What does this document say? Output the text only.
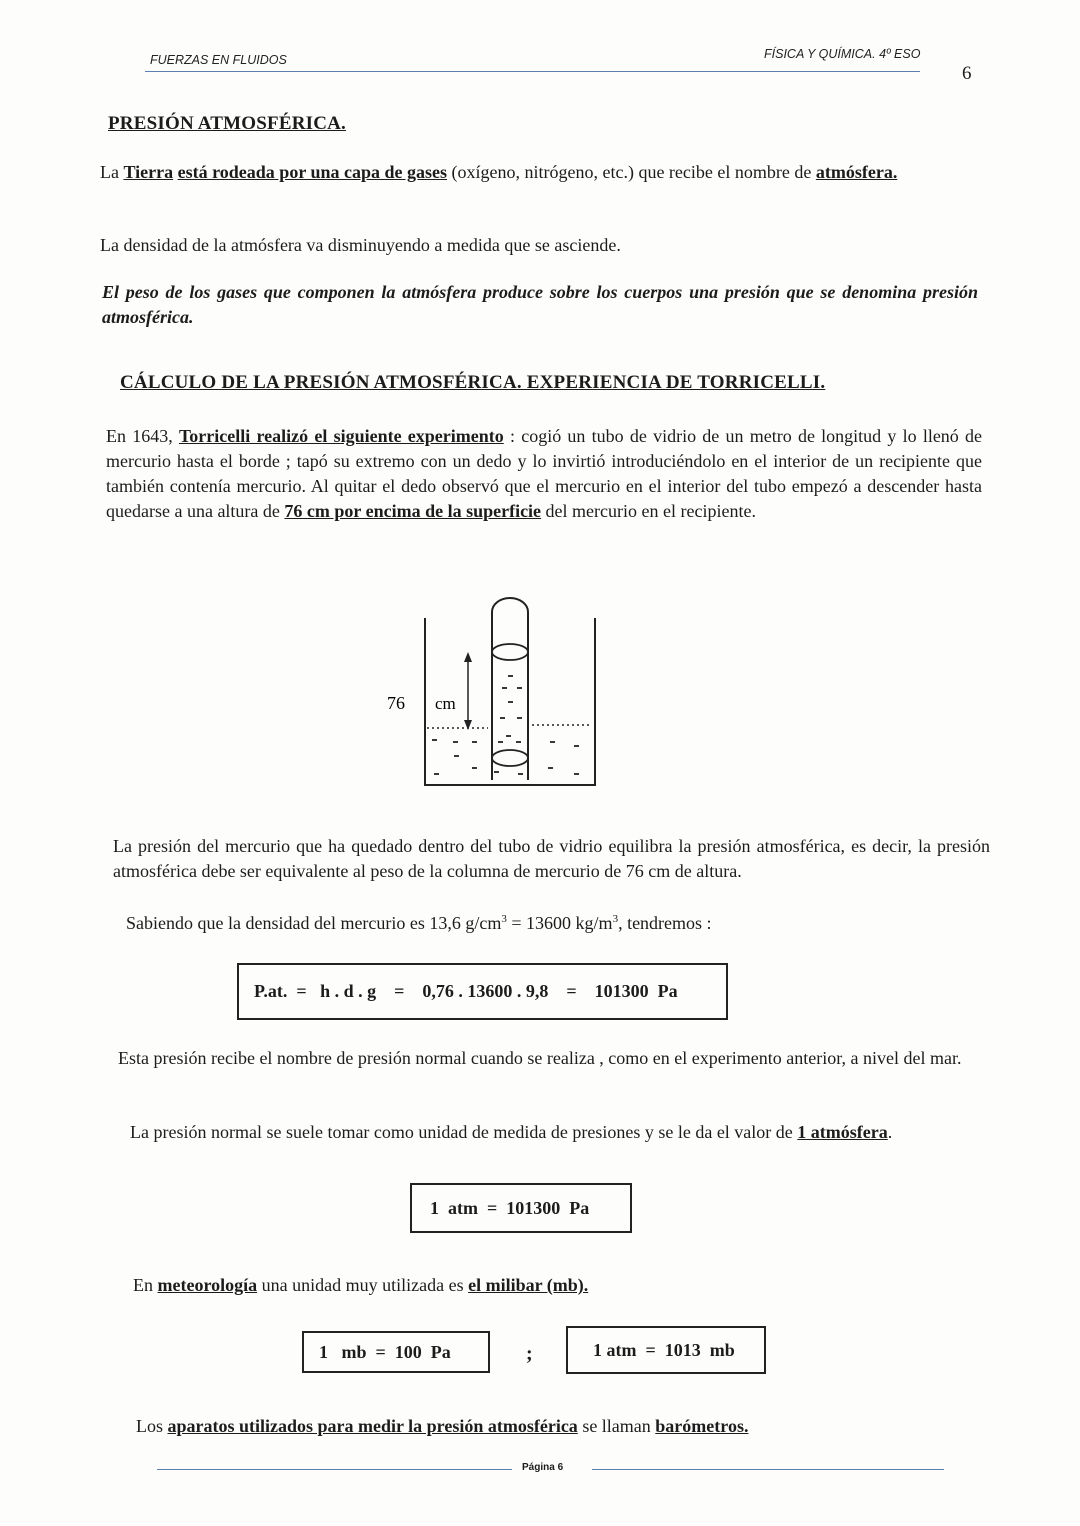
FUERZAS EN FLUIDOS	FÍSICA Y QUÍMICA. 4º ESO
6
PRESIÓN ATMOSFÉRICA.

La Tierra está rodeada por una capa de gases (oxígeno, nitrógeno, etc.) que recibe el nombre de atmósfera.

La densidad de la atmósfera va disminuyendo a medida que se asciende.

El peso de los gases que componen la atmósfera produce sobre los cuerpos una presión que se denomina presión atmosférica.

CÁLCULO DE LA PRESIÓN ATMOSFÉRICA. EXPERIENCIA DE TORRICELLI.

En 1643, Torricelli realizó el siguiente experimento : cogió un tubo de vidrio de un metro de longitud y lo llenó de mercurio hasta el borde ; tapó su extremo con un dedo y lo invirtió introduciéndolo en el interior de un recipiente que también contenía mercurio. Al quitar el dedo observó que el mercurio en el interior del tubo empezó a descender hasta quedarse a una altura de 76 cm por encima de la superficie del mercurio en el recipiente.

76 cm

La presión del mercurio que ha quedado dentro del tubo de vidrio equilibra la presión atmosférica, es decir, la presión atmosférica debe ser equivalente al peso de la columna de mercurio de 76 cm de altura.

Sabiendo que la densidad del mercurio es 13,6 $g/cm^3 = 13600$ $kg/m^3$, tendremos :

P.at.  =   h . d . g    =    0,76 . 13600 . 9,8    =    101300  Pa

Esta presión recibe el nombre de presión normal cuando se realiza , como en el experimento anterior, a nivel del mar.

La presión normal se suele tomar como unidad de medida de presiones y se le da el valor de 1 atmósfera.

1  atm  =  101300  Pa

En meteorología una unidad muy utilizada es el milibar (mb).

1   mb  =  100  Pa	;	1 atm  =  1013  mb

Los aparatos utilizados para medir la presión atmosférica se llaman barómetros.

Página 6
